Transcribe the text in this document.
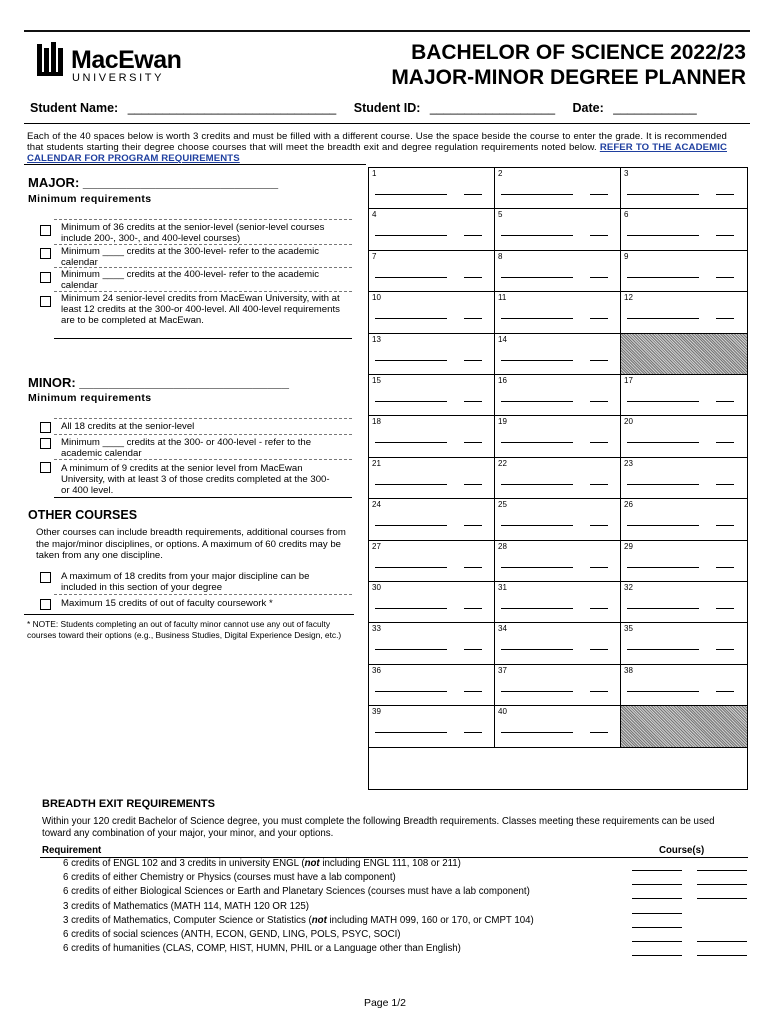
MacEwan
UNIVERSITY
BACHELOR OF SCIENCE 2022/23
MAJOR-MINOR DEGREE PLANNER
Student Name: ______________________________ Student ID: __________________ Date: ____________
Each of the 40 spaces below is worth 3 credits and must be filled with a different course. Use the space beside the course to enter the grade. It is recommended that students starting their degree choose courses that will meet the breadth exit and degree regulation requirements noted below. REFER TO THE ACADEMIC CALENDAR FOR PROGRAM REQUIREMENTS
MAJOR: ___________________________
Minimum requirements
Minimum of 36 credits at the senior-level (senior-level courses include 200-, 300-, and 400-level courses)
Minimum ____ credits at the 300-level- refer to the academic calendar
Minimum ____ credits at the 400-level- refer to the academic calendar
Minimum 24 senior-level credits from MacEwan University, with at least 12 credits at the 300-or 400-level. All 400-level requirements are to be completed at MacEwan.
MINOR: _____________________________
Minimum requirements
All 18 credits at the senior-level
Minimum ____ credits at the 300- or 400-level - refer to the academic calendar
A minimum of 9 credits at the senior level from MacEwan University, with at least 3 of those credits completed at the 300- or 400 level.
OTHER COURSES
Other courses can include breadth requirements, additional courses from the major/minor disciplines, or options. A maximum of 60 credits may be taken from any one discipline.
A maximum of 18 credits from your major discipline can be included in this section of your degree
Maximum 15 credits of out of faculty coursework *
* NOTE: Students completing an out of faculty minor cannot use any out of faculty courses toward their options (e.g., Business Studies, Digital Experience Design, etc.)
1	2	3
4	5	6
7	8	9
10	11	12
13	14
15	16	17
18	19	20
21	22	23
24	25	26
27	28	29
30	31	32
33	34	35
36	37	38
39	40
BREADTH EXIT REQUIREMENTS
Within your 120 credit Bachelor of Science degree, you must complete the following Breadth requirements. Classes meeting these requirements can be used toward any combination of your major, your minor, and your options.
Requirement	Course(s)
6 credits of ENGL 102 and 3 credits in university ENGL (not including ENGL 111, 108 or 211)
6 credits of either Chemistry or Physics (courses must have a lab component)
6 credits of either Biological Sciences or Earth and Planetary Sciences (courses must have a lab component)
3 credits of Mathematics (MATH 114, MATH 120 OR 125)
3 credits of Mathematics, Computer Science or Statistics (not including MATH 099, 160 or 170, or CMPT 104)
6 credits of social sciences (ANTH, ECON, GEND, LING, POLS, PSYC, SOCI)
6 credits of humanities (CLAS, COMP, HIST, HUMN, PHIL or a Language other than English)
Page 1/2
